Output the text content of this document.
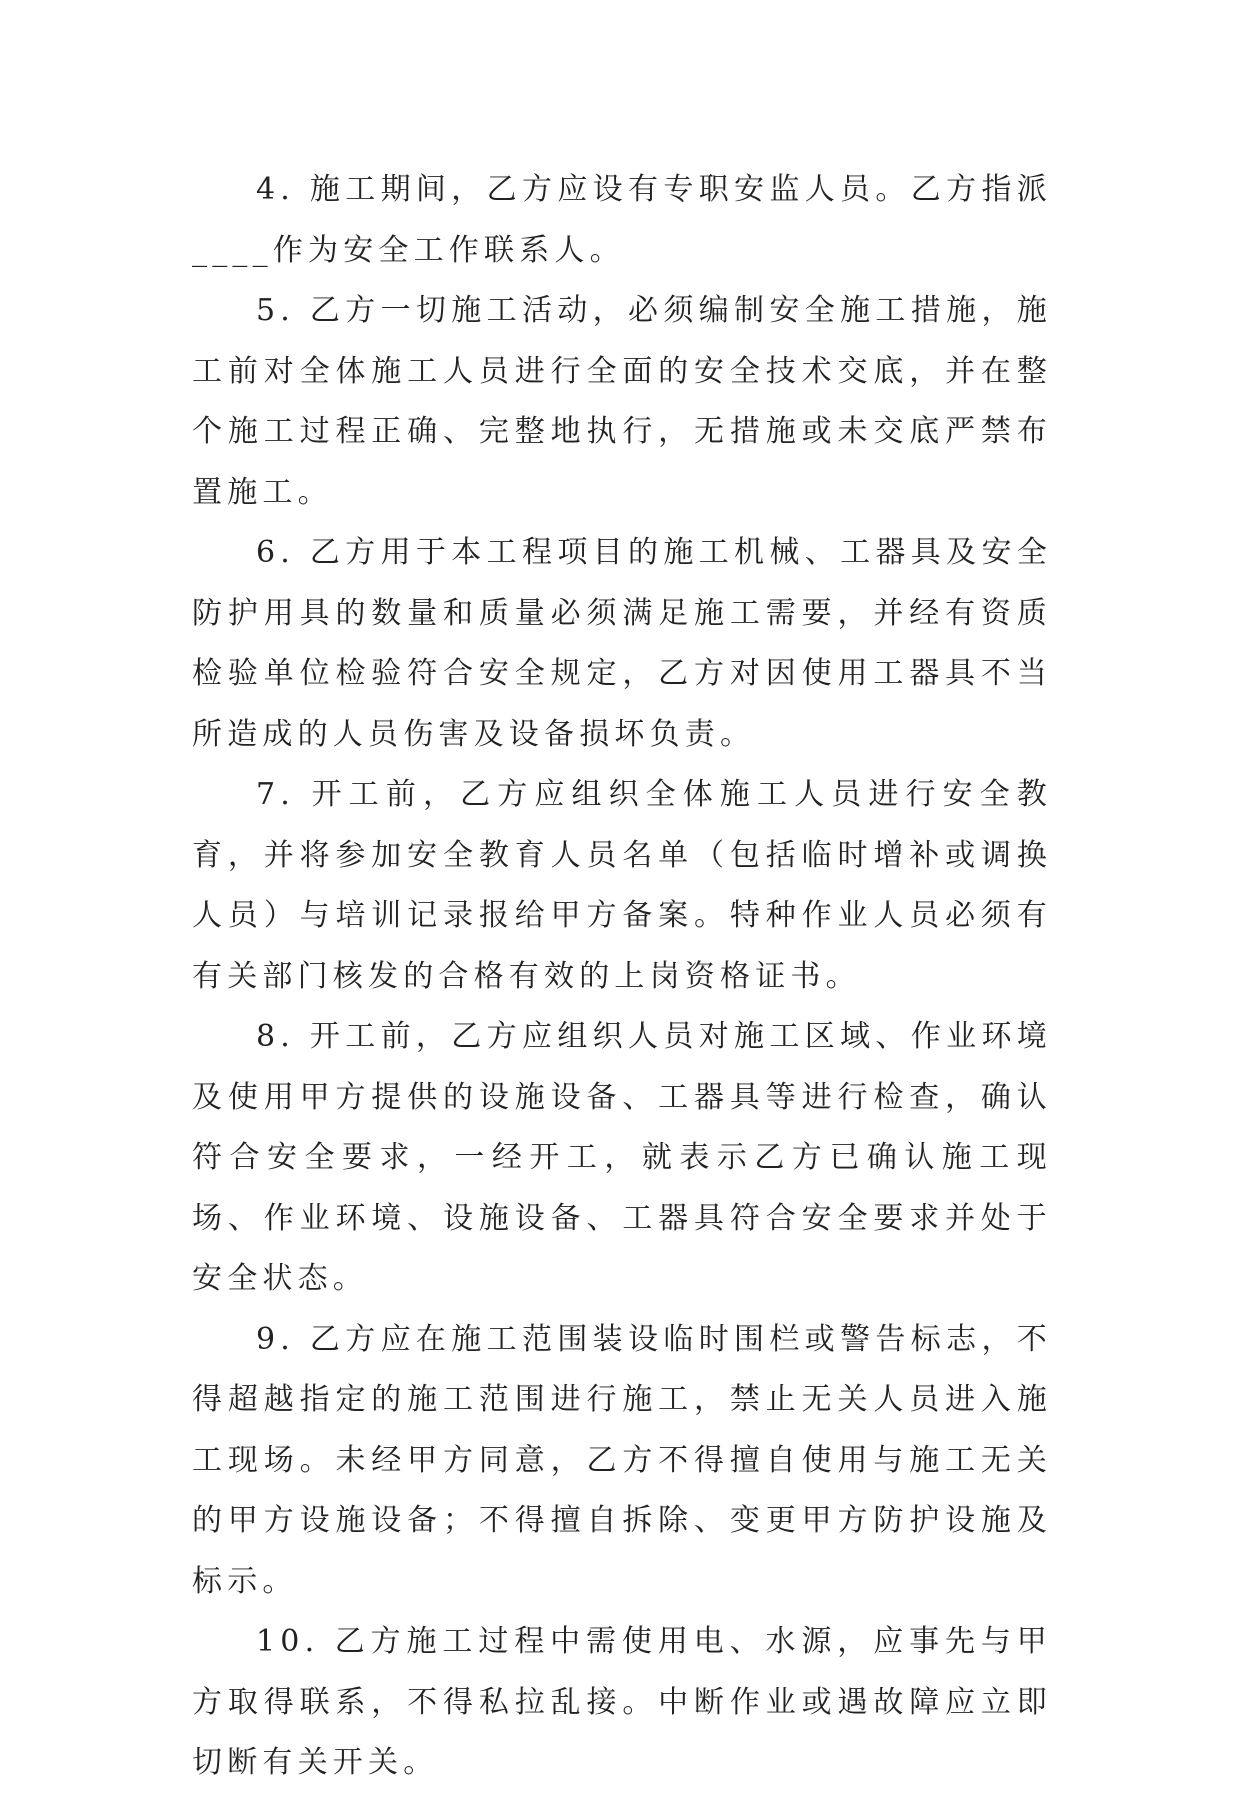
4. 施工期间，乙方应设有专职安监人员。乙方指派____作为安全工作联系人。

5. 乙方一切施工活动，必须编制安全施工措施，施工前对全体施工人员进行全面的安全技术交底，并在整个施工过程正确、完整地执行，无措施或未交底严禁布置施工。

6. 乙方用于本工程项目的施工机械、工器具及安全防护用具的数量和质量必须满足施工需要，并经有资质检验单位检验符合安全规定，乙方对因使用工器具不当所造成的人员伤害及设备损坏负责。

7. 开工前，乙方应组织全体施工人员进行安全教育，并将参加安全教育人员名单（包括临时增补或调换人员）与培训记录报给甲方备案。特种作业人员必须有有关部门核发的合格有效的上岗资格证书。

8. 开工前，乙方应组织人员对施工区域、作业环境及使用甲方提供的设施设备、工器具等进行检查，确认符合安全要求，一经开工，就表示乙方已确认施工现场、作业环境、设施设备、工器具符合安全要求并处于安全状态。

9. 乙方应在施工范围装设临时围栏或警告标志，不得超越指定的施工范围进行施工，禁止无关人员进入施工现场。未经甲方同意，乙方不得擅自使用与施工无关的甲方设施设备；不得擅自拆除、变更甲方防护设施及标示。

10. 乙方施工过程中需使用电、水源，应事先与甲方取得联系，不得私拉乱接。中断作业或遇故障应立即切断有关开关。
